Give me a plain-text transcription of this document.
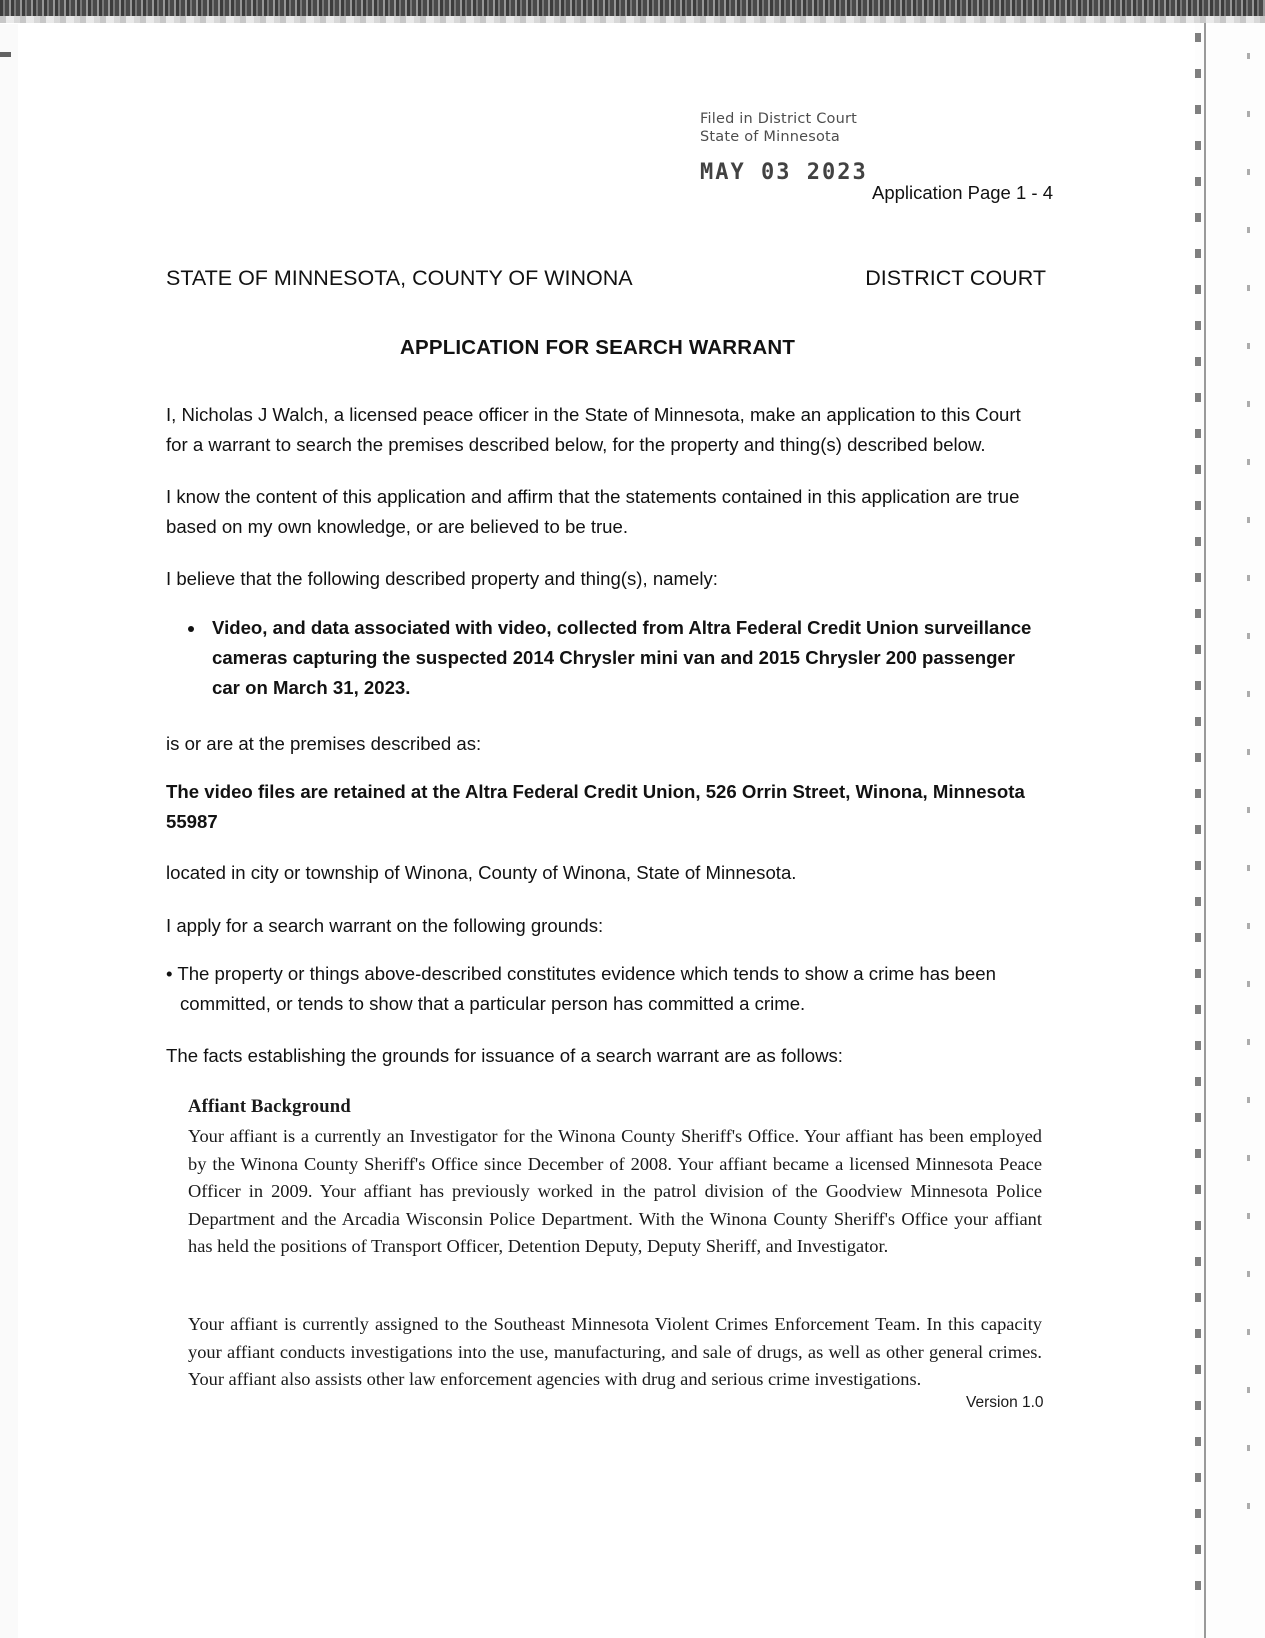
Filed in District Court
State of Minnesota
MAY 03 2023
Application Page 1 - 4
STATE OF MINNESOTA, COUNTY OF WINONA	DISTRICT COURT
APPLICATION FOR SEARCH WARRANT

I, Nicholas J Walch, a licensed peace officer in the State of Minnesota, make an application to this Court for a warrant to search the premises described below, for the property and thing(s) described below.

I know the content of this application and affirm that the statements contained in this application are true based on my own knowledge, or are believed to be true.

I believe that the following described property and thing(s), namely:

• Video, and data associated with video, collected from Altra Federal Credit Union surveillance cameras capturing the suspected 2014 Chrysler mini van and 2015 Chrysler 200 passenger car on March 31, 2023.

is or are at the premises described as:

The video files are retained at the Altra Federal Credit Union, 526 Orrin Street, Winona, Minnesota 55987

located in city or township of Winona, County of Winona, State of Minnesota.

I apply for a search warrant on the following grounds:

• The property or things above-described constitutes evidence which tends to show a crime has been committed, or tends to show that a particular person has committed a crime.

The facts establishing the grounds for issuance of a search warrant are as follows:

Affiant Background

Your affiant is a currently an Investigator for the Winona County Sheriff's Office. Your affiant has been employed by the Winona County Sheriff's Office since December of 2008. Your affiant became a licensed Minnesota Peace Officer in 2009. Your affiant has previously worked in the patrol division of the Goodview Minnesota Police Department and the Arcadia Wisconsin Police Department. With the Winona County Sheriff's Office your affiant has held the positions of Transport Officer, Detention Deputy, Deputy Sheriff, and Investigator.

Your affiant is currently assigned to the Southeast Minnesota Violent Crimes Enforcement Team. In this capacity your affiant conducts investigations into the use, manufacturing, and sale of drugs, as well as other general crimes. Your affiant also assists other law enforcement agencies with drug and serious crime investigations.

Version 1.0
